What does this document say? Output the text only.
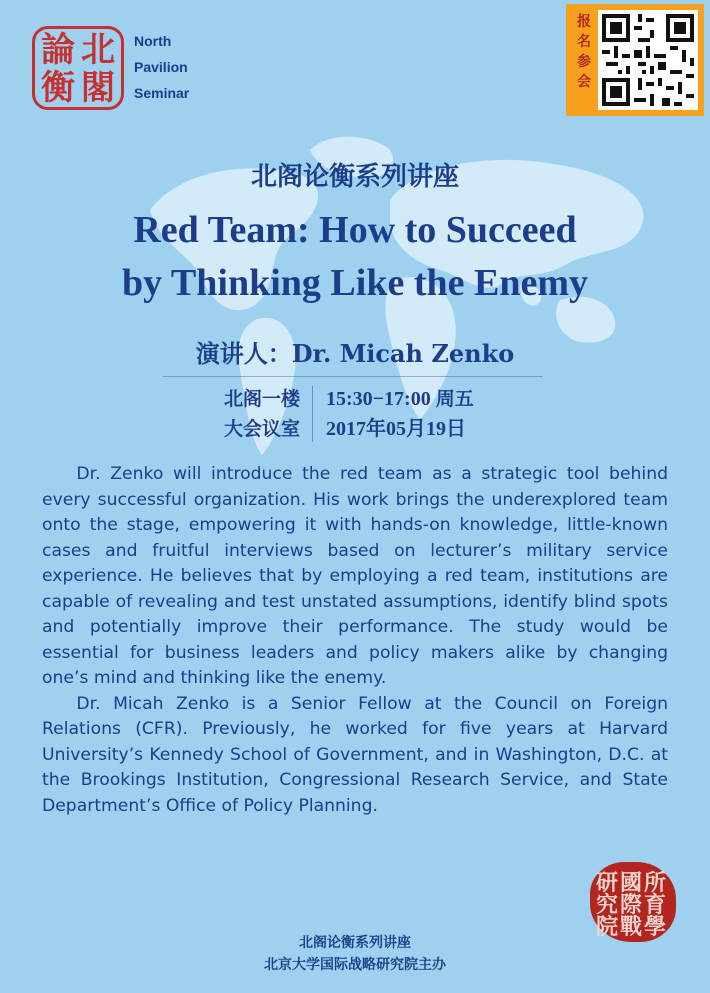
北
閣
論
衡
North
Pavilion
Seminar
报
名
参
会
北阁论衡系列讲座
Red Team: How to Succeed
by Thinking Like the Enemy
演讲人：Dr. Micah Zenko
北阁一楼
大会议室
15:30−17:00 周五
2017年05月19日

Dr. Zenko will introduce the red team as a strategic tool behind every successful organization. His work brings the underexplored team onto the stage, empowering it with hands-on knowledge, little-known cases and fruitful interviews based on lecturer’s military service experience. He believes that by employing a red team, institutions are capable of revealing and test unstated assumptions, identify blind spots and potentially improve their performance. The study would be essential for business leaders and policy makers alike by changing one’s mind and thinking like the enemy.

Dr. Micah Zenko is a Senior Fellow at the Council on Foreign Relations (CFR). Previously, he worked for five years at Harvard University’s Kennedy School of Government, and in Washington, D.C. at the Brookings Institution, Congressional Research Service, and State Department’s Office of Policy Planning.

研 國 所
究 際 育
院 戰 學
北阁论衡系列讲座
北京大学国际战略研究院主办
